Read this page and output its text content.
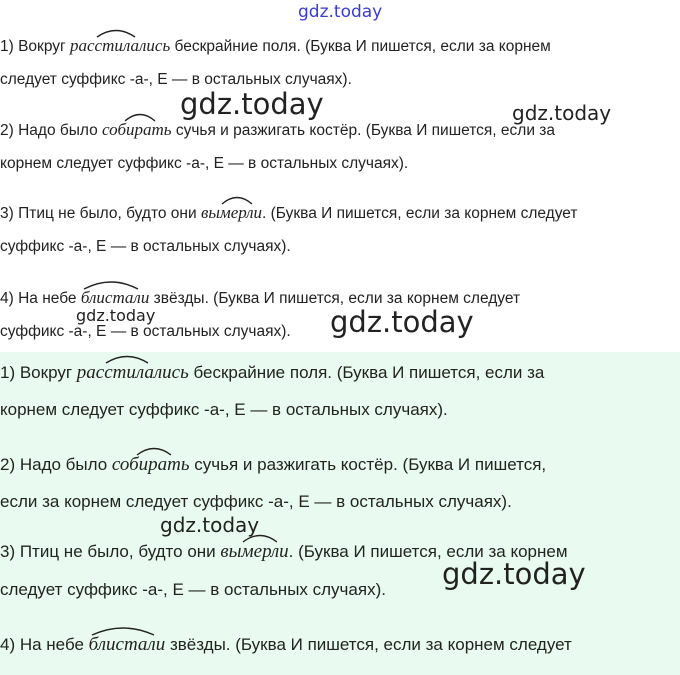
gdz.today
1) Вокруг
расстилались бескрайние поля. (Буква И пишется, если за корнем
следует суффикс -а-, Е — в остальных случаях).
2) Надо было
собирать сучья и разжигать костёр. (Буква И пишется, если за
корнем следует суффикс -а-, Е — в остальных случаях).
3) Птиц не было, будто они
вымерли. (Буква И пишется, если за корнем следует
суффикс -а-, Е — в остальных случаях).
4) На небе
блистали звёзды. (Буква И пишется, если за корнем следует
суффикс -а-, Е — в остальных случаях).
1) Вокруг
расстилались бескрайние поля. (Буква И пишется, если за
корнем следует суффикс -а-, Е — в остальных случаях).
2) Надо было
собирать сучья и разжигать костёр. (Буква И пишется,
если за корнем следует суффикс -а-, Е — в остальных случаях).
3) Птиц не было, будто они
вымерли. (Буква И пишется, если за корнем
следует суффикс -а-, Е — в остальных случаях).
4) На небе
блистали звёзды. (Буква И пишется, если за корнем следует
gdz.today	gdz.today
gdz.today	gdz.today
gdz.today
gdz.today
